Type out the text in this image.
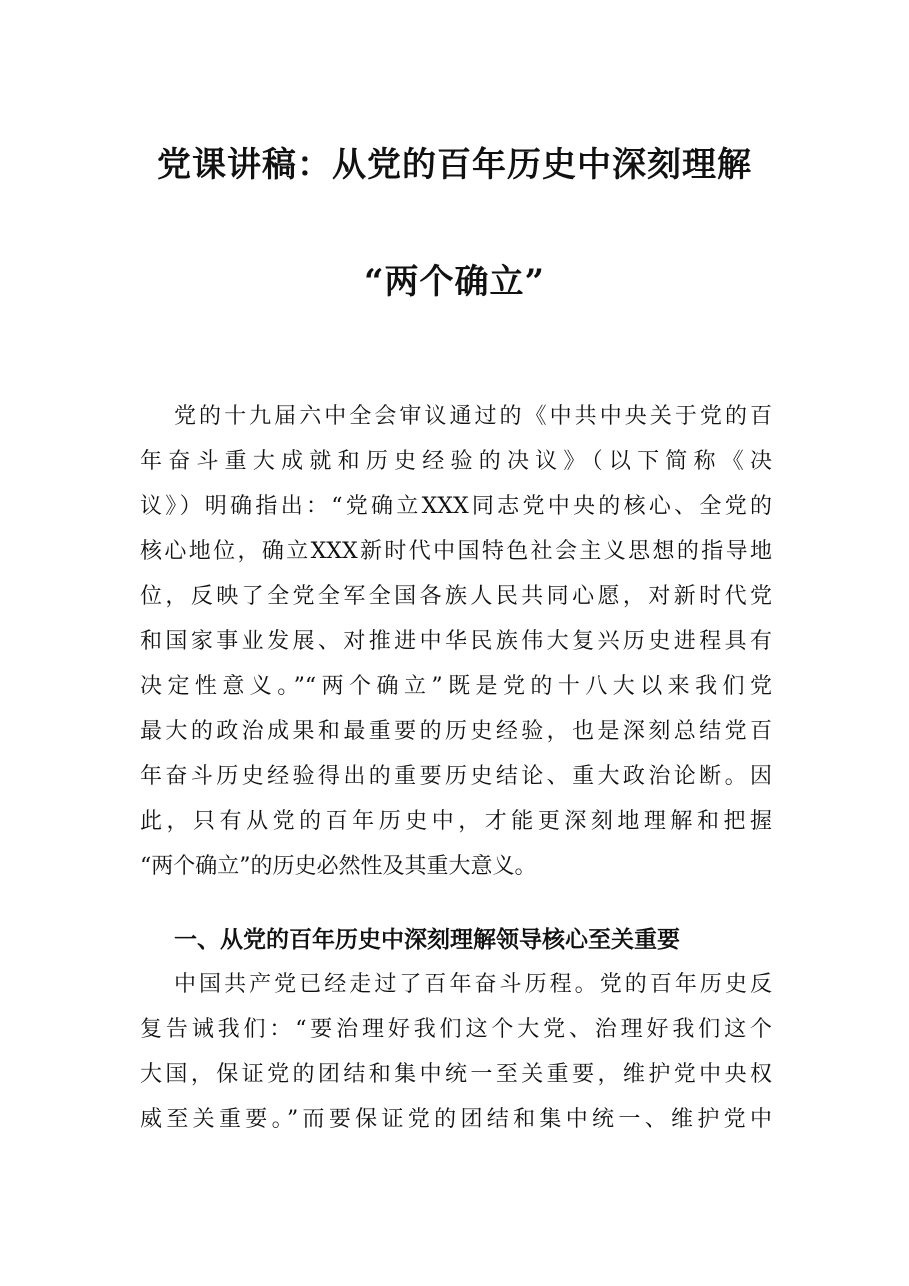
党课讲稿：从党的百年历史中深刻理解
“两个确立”
党的十九届六中全会审议通过的《中共中央关于党的百
年奋斗重大成就和历史经验的决议》（以下简称《决
议》）明确指出：“党确立XXX同志党中央的核心、全党的
核心地位，确立XXX新时代中国特色社会主义思想的指导地
位，反映了全党全军全国各族人民共同心愿，对新时代党
和国家事业发展、对推进中华民族伟大复兴历史进程具有
决定性意义。”“两个确立”既是党的十八大以来我们党
最大的政治成果和最重要的历史经验，也是深刻总结党百
年奋斗历史经验得出的重要历史结论、重大政治论断。因
此，只有从党的百年历史中，才能更深刻地理解和把握
“两个确立”的历史必然性及其重大意义。
一、从党的百年历史中深刻理解领导核心至关重要
中国共产党已经走过了百年奋斗历程。党的百年历史反
复告诫我们：“要治理好我们这个大党、治理好我们这个
大国，保证党的团结和集中统一至关重要，维护党中央权
威至关重要。”而要保证党的团结和集中统一、维护党中
